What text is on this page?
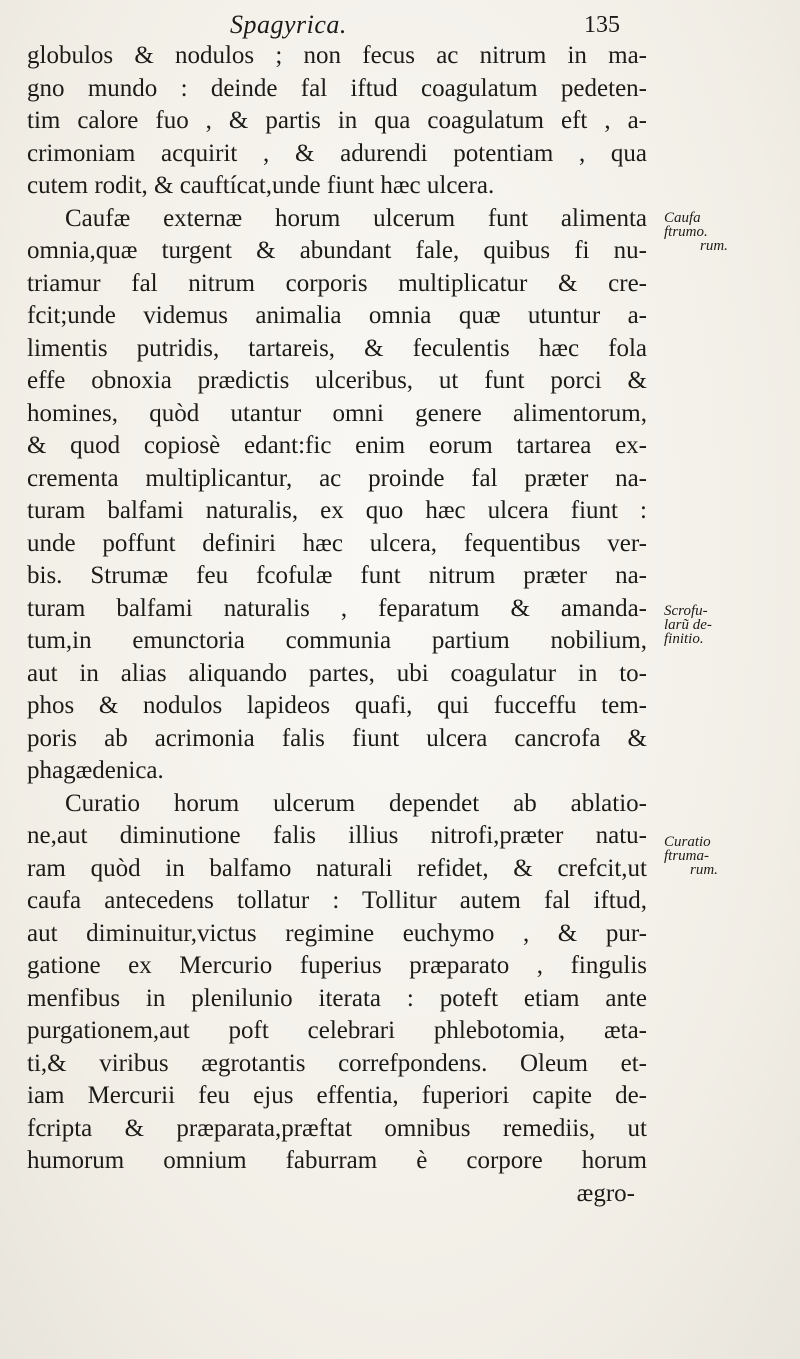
Spagyrica.	135
globulos & nodulos ; non fecus ac nitrum in ma-
gno mundo : deinde fal iftud coagulatum pedeten-
tim calore fuo , & partis in qua coagulatum eft , a-
crimoniam acquirit , & adurendi potentiam , qua
cutem rodit, & cauftícat,unde fiunt hæc ulcera.
Caufæ externæ horum ulcerum funt alimenta
omnia,quæ turgent & abundant fale, quibus fi nu-
triamur fal nitrum corporis multiplicatur & cre-
fcit;unde videmus animalia omnia quæ utuntur a-
limentis putridis, tartareis, & feculentis hæc fola
effe obnoxia prædictis ulceribus, ut funt porci &
homines, quòd utantur omni genere alimentorum,
& quod copiosè edant:fic enim eorum tartarea ex-
crementa multiplicantur, ac proinde fal præter na-
turam balfami naturalis, ex quo hæc ulcera fiunt :
unde poffunt definiri hæc ulcera, fequentibus ver-
bis. Strumæ feu fcofulæ funt nitrum præter na-
turam balfami naturalis , feparatum & amanda-
tum,in emunctoria communia partium nobilium,
aut in alias aliquando partes, ubi coagulatur in to-
phos & nodulos lapideos quafi, qui fucceffu tem-
poris ab acrimonia falis fiunt ulcera cancrofa &
phagædenica.
Curatio horum ulcerum dependet ab ablatio-
ne,aut diminutione falis illius nitrofi,præter natu-
ram quòd in balfamo naturali refidet, & crefcit,ut
caufa antecedens tollatur : Tollitur autem fal iftud,
aut diminuitur,victus regimine euchymo , & pur-
gatione ex Mercurio fuperius præparato , fingulis
menfibus in plenilunio iterata : poteft etiam ante
purgationem,aut poft celebrari phlebotomia, æta-
ti,& viribus ægrotantis correfpondens. Oleum et-
iam Mercurii feu ejus effentia, fuperiori capite de-
fcripta & præparata,præftat omnibus remediis, ut
humorum omnium faburram è corpore horum
ægro-
Caufa
ftrumo.
rum.
Scrofu-
larũ de-
finitio.
Curatio
ftruma-
rum.
